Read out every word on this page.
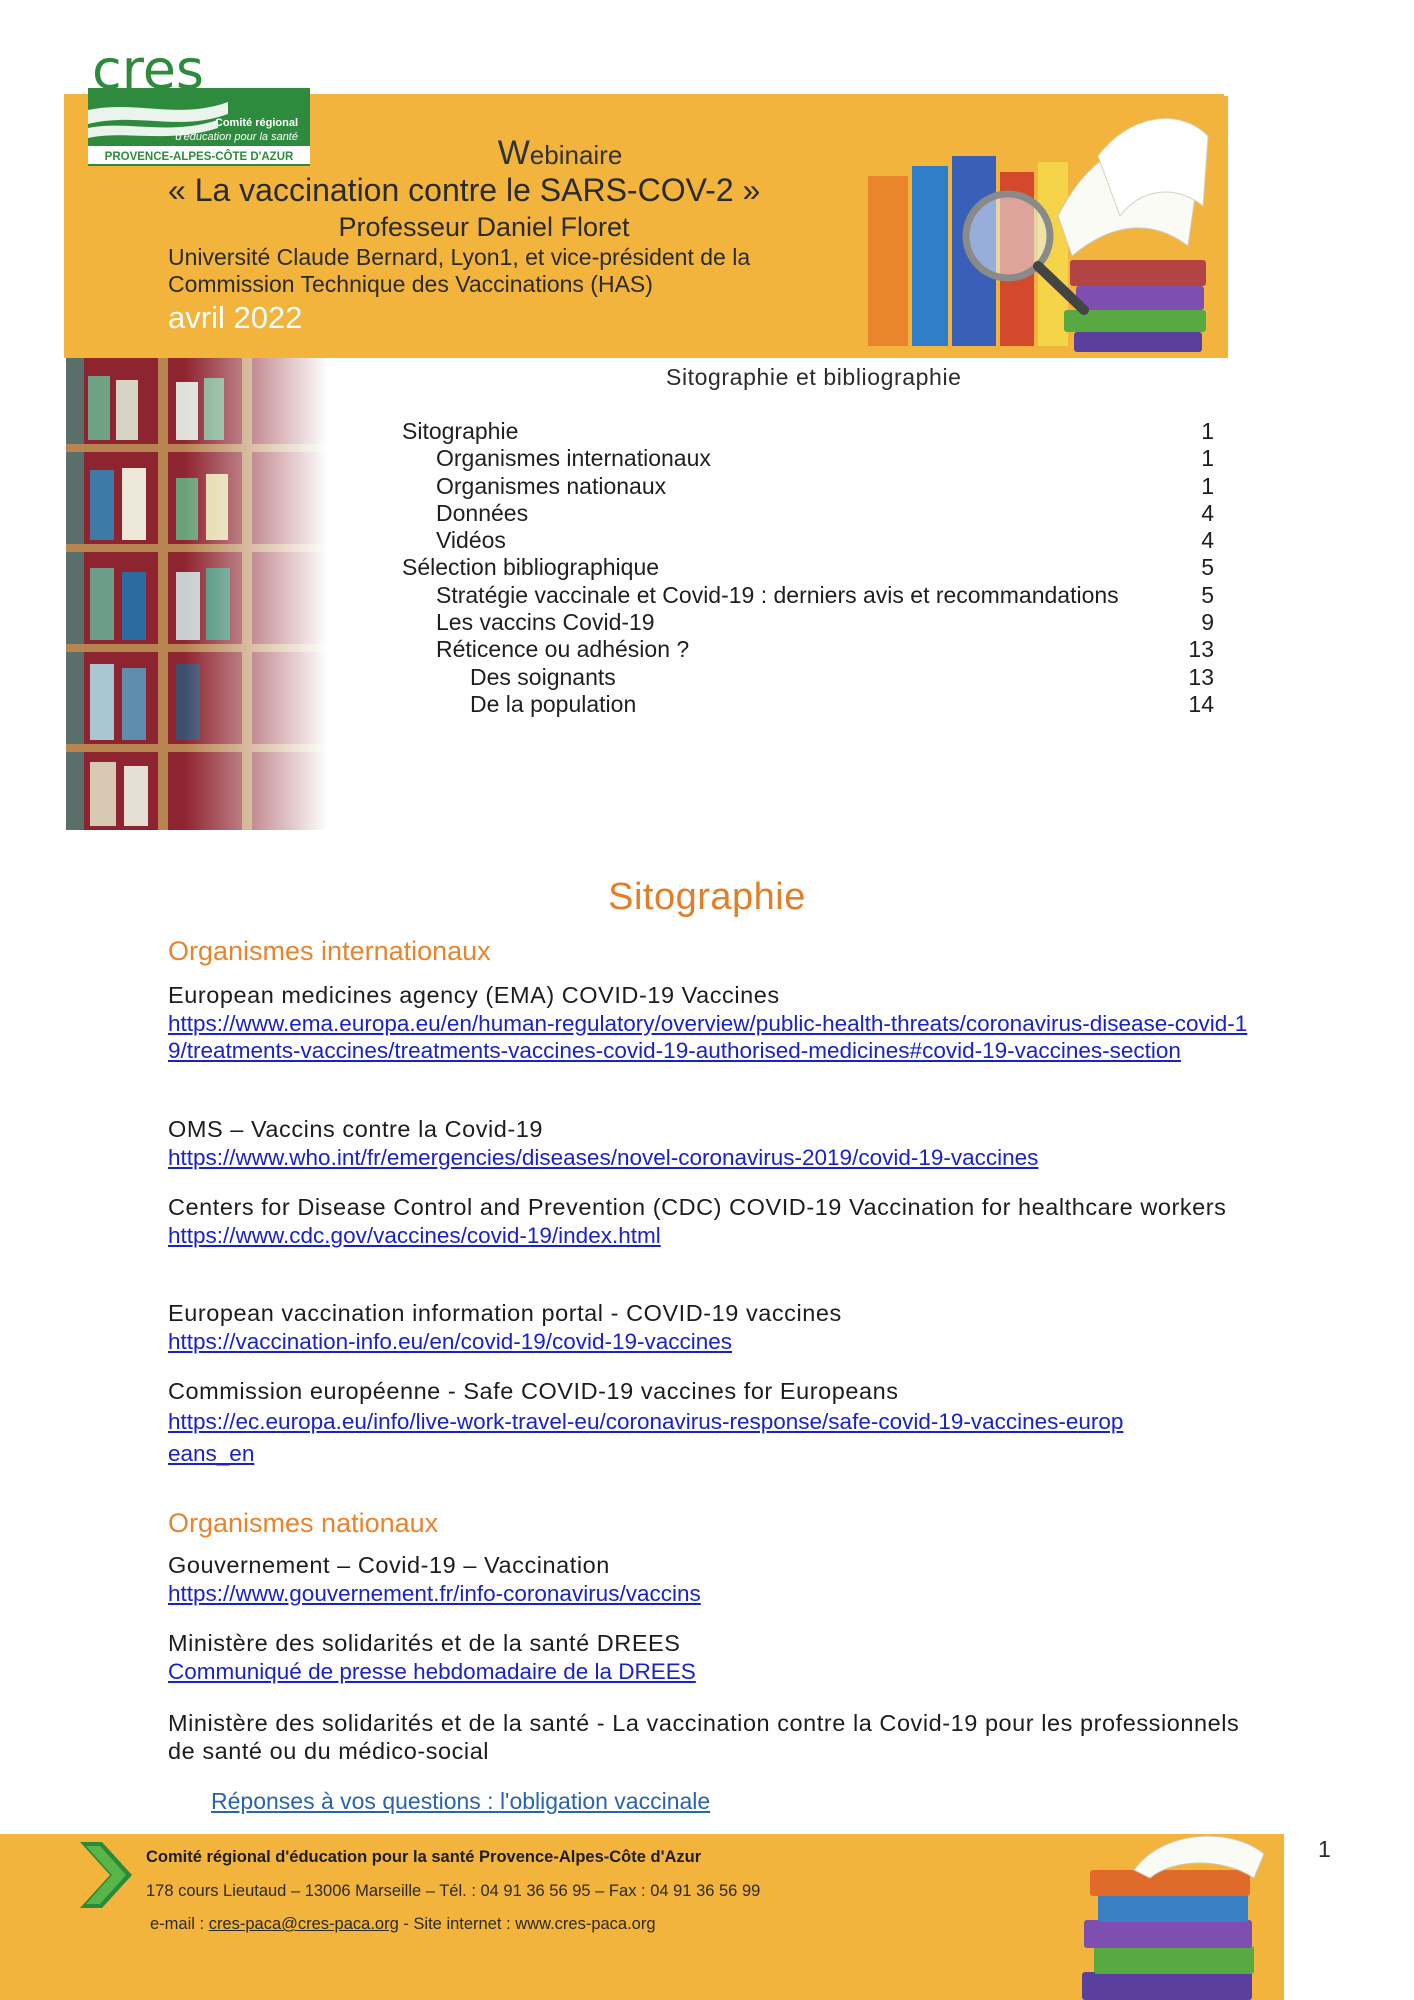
cres
Comité régional
d'éducation pour la santé
PROVENCE-ALPES-CÔTE D'AZUR	Webinaire
« La vaccination contre le SARS-COV-2 »
Professeur Daniel Floret
Université Claude Bernard, Lyon1, et vice-président de la
Commission Technique des Vaccinations (HAS)
avril 2022
Sitographie et bibliographie
Sitographie	1
Organismes internationaux	1
Organismes nationaux	1
Données	4
Vidéos	4
Sélection bibliographique	5
Stratégie vaccinale et Covid-19 : derniers avis et recommandations	5
Les vaccins Covid-19	9
Réticence ou adhésion ?	13
Des soignants	13
De la population	14
Sitographie
Organismes internationaux
European medicines agency (EMA) COVID-19 Vaccines
https://www.ema.europa.eu/en/human-regulatory/overview/public-health-threats/coronavirus-disease-covid-19/treatments-vaccines/treatments-vaccines-covid-19-authorised-medicines#covid-19-vaccines-section
OMS – Vaccins contre la Covid-19
https://www.who.int/fr/emergencies/diseases/novel-coronavirus-2019/covid-19-vaccines
Centers for Disease Control and Prevention (CDC) COVID-19 Vaccination for healthcare workers
https://www.cdc.gov/vaccines/covid-19/index.html
European vaccination information portal - COVID-19 vaccines
https://vaccination-info.eu/en/covid-19/covid-19-vaccines
Commission européenne - Safe COVID-19 vaccines for Europeans
https://ec.europa.eu/info/live-work-travel-eu/coronavirus-response/safe-covid-19-vaccines-europeans_en
Organismes nationaux
Gouvernement – Covid-19 – Vaccination
https://www.gouvernement.fr/info-coronavirus/vaccins
Ministère des solidarités et de la santé DREES
Communiqué de presse hebdomadaire de la DREES
Ministère des solidarités et de la santé - La vaccination contre la Covid-19 pour les professionnels de santé ou du médico-social
Réponses à vos questions : l'obligation vaccinale
Comité régional d'éducation pour la santé Provence-Alpes-Côte d'Azur
178 cours Lieutaud – 13006 Marseille – Tél. : 04 91 36 56 95 – Fax : 04 91 36 56 99
e-mail : cres-paca@cres-paca.org - Site internet : www.cres-paca.org
1
